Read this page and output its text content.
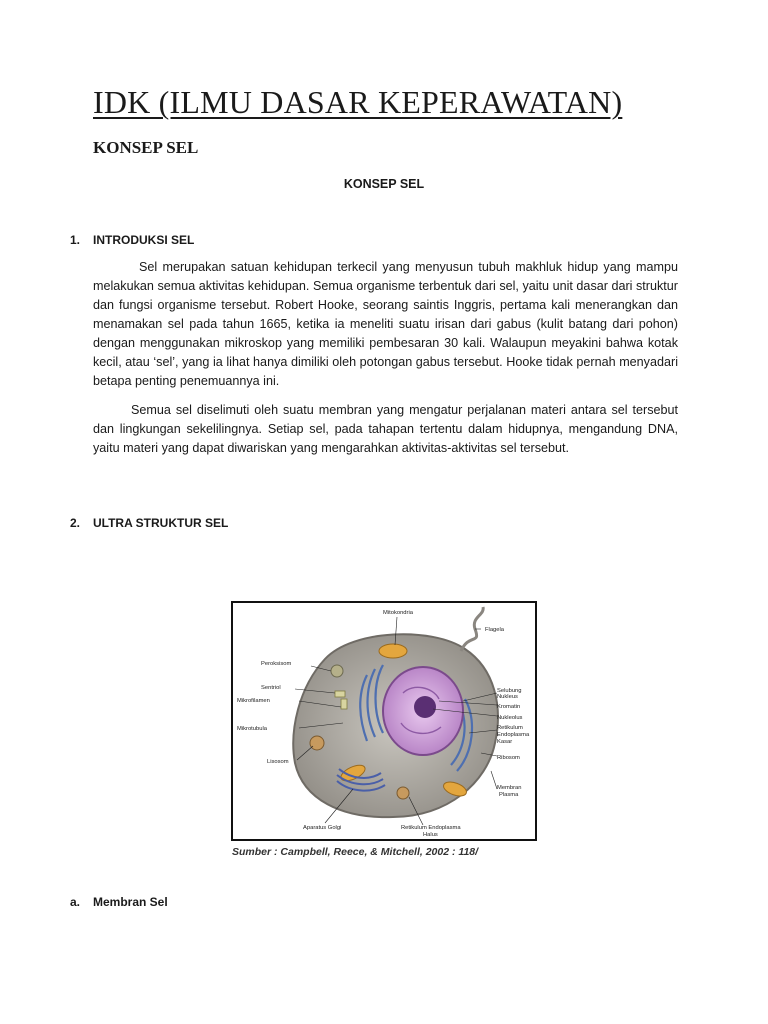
IDK (ILMU DASAR KEPERAWATAN)
KONSEP SEL
KONSEP SEL
1. INTRODUKSI SEL

Sel merupakan satuan kehidupan terkecil yang menyusun tubuh makhluk hidup yang mampu melakukan semua aktivitas kehidupan. Semua organisme terbentuk dari sel, yaitu unit dasar dari struktur dan fungsi organisme tersebut. Robert Hooke, seorang saintis Inggris, pertama kali menerangkan dan menamakan sel pada tahun 1665, ketika ia meneliti suatu irisan dari gabus (kulit batang dari pohon) dengan menggunakan mikroskop yang memiliki pembesaran 30 kali. Walaupun meyakini bahwa kotak kecil, atau ‘sel’, yang ia lihat hanya dimiliki oleh potongan gabus tersebut. Hooke tidak pernah menyadari betapa penting penemuannya ini.

Semua sel diselimuti oleh suatu membran yang mengatur perjalanan materi antara sel tersebut dan lingkungan sekelilingnya. Setiap sel, pada tahapan tertentu dalam hidupnya, mengandung DNA, yaitu materi yang dapat diwariskan yang mengarahkan aktivitas-aktivitas sel tersebut.

2. ULTRA STRUKTUR SEL
Mitokondria
Flagela
Peroksisom
Sentriol
Mikrofilamen
Mikrotubula
Lisosom
Aparatus Golgi	Retikulum Endoplasma
Halus
Selubung
Nukleus
Kromatin
Nukleolus
Retikulum
Endoplasma
Kasar
Ribosom
Membran
Plasma
Sumber : Campbell, Reece, & Mitchell, 2002 : 118/
a. Membran Sel
